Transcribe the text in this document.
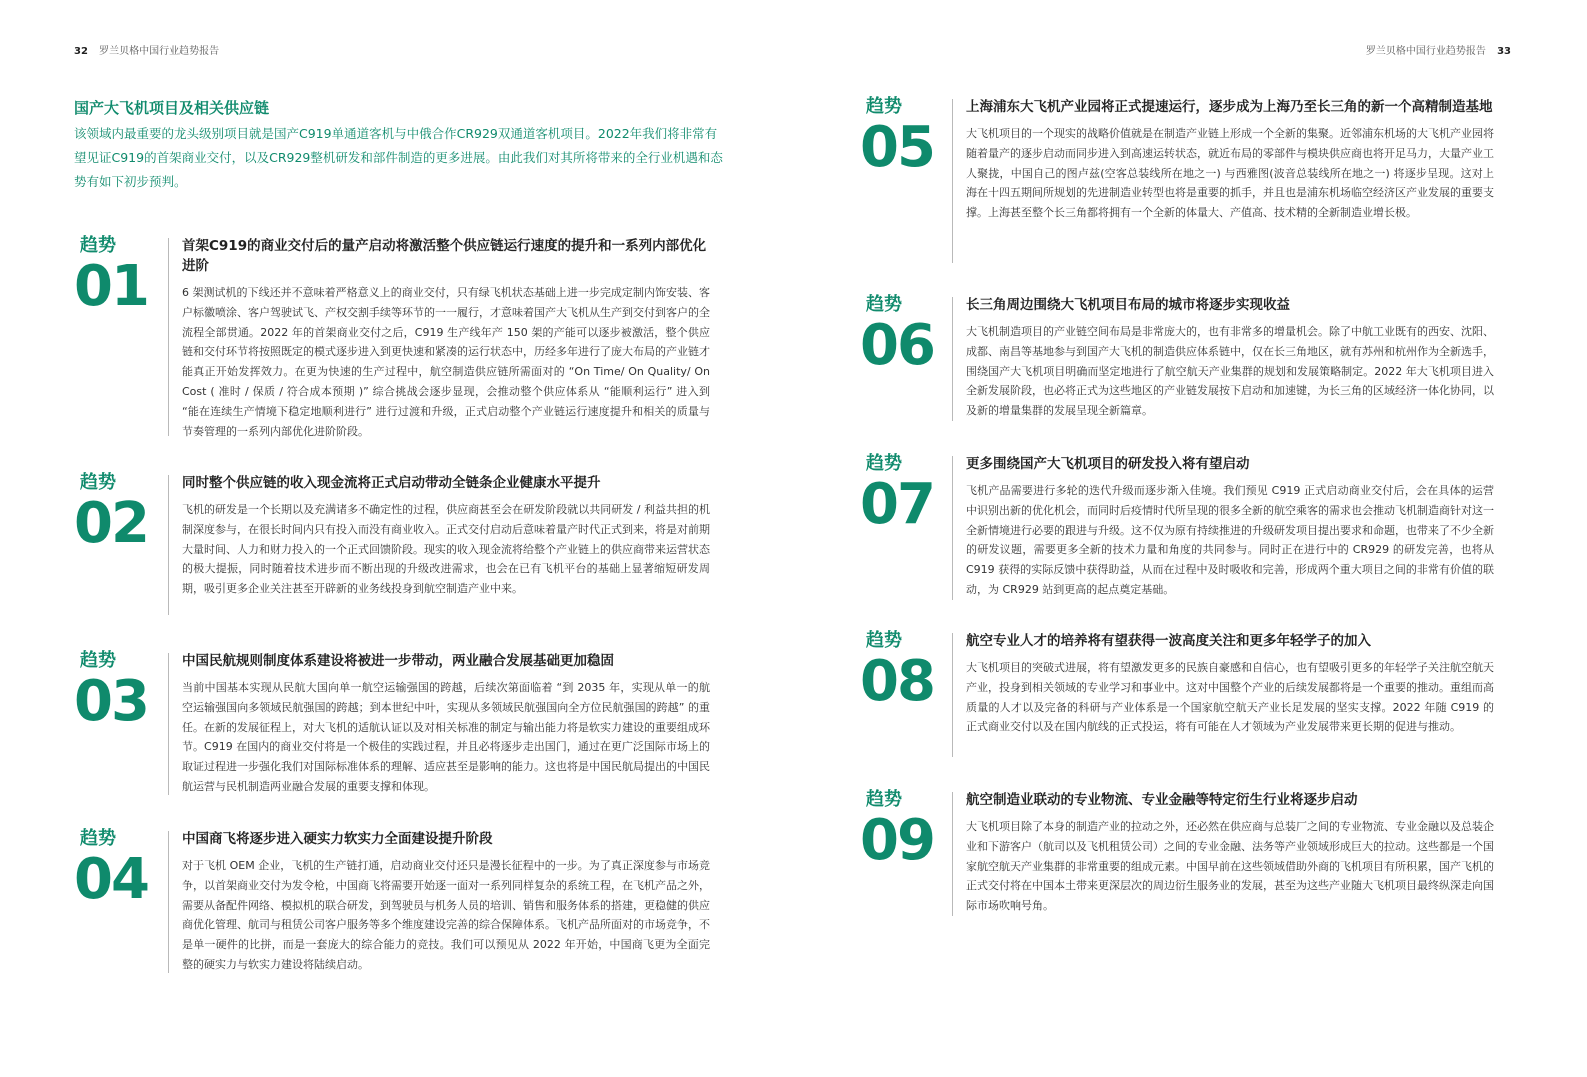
32 罗兰贝格中国行业趋势报告	罗兰贝格中国行业趋势报告 33
国产大飞机项目及相关供应链
该领域内最重要的龙头级别项目就是国产C919单通道客机与中俄合作CR929双通道客机项目。2022年我们将非常有望见证C919的首架商业交付，以及CR929整机研发和部件制造的更多进展。由此我们对其所将带来的全行业机遇和态势有如下初步预判。
趋势
01
首架C919的商业交付后的量产启动将激活整个供应链运行速度的提升和一系列内部优化进阶
6 架测试机的下线还并不意味着严格意义上的商业交付，只有绿飞机状态基础上进一步完成定制内饰安装、客户标徽喷涂、客户驾驶试飞、产权交割手续等环节的一一履行，才意味着国产大飞机从生产到交付到客户的全流程全部贯通。2022 年的首架商业交付之后，C919 生产线年产 150 架的产能可以逐步被激活，整个供应链和交付环节将按照既定的模式逐步进入到更快速和紧凑的运行状态中，历经多年进行了庞大布局的产业链才能真正开始发挥效力。在更为快速的生产过程中，航空制造供应链所需面对的 “On Time/ On Quality/ On Cost ( 准时 / 保质 / 符合成本预期 )” 综合挑战会逐步显现，会推动整个供应体系从 “能顺利运行” 进入到 “能在连续生产情境下稳定地顺利进行” 进行过渡和升级，正式启动整个产业链运行速度提升和相关的质量与节奏管理的一系列内部优化进阶阶段。
趋势
02
同时整个供应链的收入现金流将正式启动带动全链条企业健康水平提升
飞机的研发是一个长期以及充满诸多不确定性的过程，供应商甚至会在研发阶段就以共同研发 / 利益共担的机制深度参与，在很长时间内只有投入而没有商业收入。正式交付启动后意味着量产时代正式到来，将是对前期大量时间、人力和财力投入的一个正式回馈阶段。现实的收入现金流将给整个产业链上的供应商带来运营状态的极大提振，同时随着技术进步而不断出现的升级改进需求，也会在已有飞机平台的基础上显著缩短研发周期，吸引更多企业关注甚至开辟新的业务线投身到航空制造产业中来。
趋势
03
中国民航规则制度体系建设将被进一步带动，两业融合发展基础更加稳固
当前中国基本实现从民航大国向单一航空运输强国的跨越，后续次第面临着 “到 2035 年，实现从单一的航空运输强国向多领域民航强国的跨越；到本世纪中叶，实现从多领域民航强国向全方位民航强国的跨越” 的重任。在新的发展征程上，对大飞机的适航认证以及对相关标准的制定与输出能力将是软实力建设的重要组成环节。C919 在国内的商业交付将是一个极佳的实践过程，并且必将逐步走出国门，通过在更广泛国际市场上的取证过程进一步强化我们对国际标准体系的理解、适应甚至是影响的能力。这也将是中国民航局提出的中国民航运营与民机制造两业融合发展的重要支撑和体现。
趋势
04
中国商飞将逐步进入硬实力软实力全面建设提升阶段
对于飞机 OEM 企业，飞机的生产链打通，启动商业交付还只是漫长征程中的一步。为了真正深度参与市场竞争，以首架商业交付为发令枪，中国商飞将需要开始逐一面对一系列同样复杂的系统工程，在飞机产品之外，需要从备配件网络、模拟机的联合研发，到驾驶员与机务人员的培训、销售和服务体系的搭建，更稳健的供应商优化管理、航司与租赁公司客户服务等多个维度建设完善的综合保障体系。飞机产品所面对的市场竞争，不是单一硬件的比拼，而是一套庞大的综合能力的竞技。我们可以预见从 2022 年开始，中国商飞更为全面完整的硬实力与软实力建设将陆续启动。
趋势
05
上海浦东大飞机产业园将正式提速运行，逐步成为上海乃至长三角的新一个高精制造基地
大飞机项目的一个现实的战略价值就是在制造产业链上形成一个全新的集聚。近邻浦东机场的大飞机产业园将随着量产的逐步启动而同步进入到高速运转状态，就近布局的零部件与模块供应商也将开足马力，大量产业工人聚拢，中国自己的图卢兹(空客总装线所在地之一) 与西雅图(波音总装线所在地之一) 将逐步呈现。这对上海在十四五期间所规划的先进制造业转型也将是重要的抓手，并且也是浦东机场临空经济区产业发展的重要支撑。上海甚至整个长三角都将拥有一个全新的体量大、产值高、技术精的全新制造业增长极。
趋势
06
长三角周边围绕大飞机项目布局的城市将逐步实现收益
大飞机制造项目的产业链空间布局是非常庞大的，也有非常多的增量机会。除了中航工业既有的西安、沈阳、成都、南昌等基地参与到国产大飞机的制造供应体系链中，仅在长三角地区，就有苏州和杭州作为全新选手，围绕国产大飞机项目明确而坚定地进行了航空航天产业集群的规划和发展策略制定。2022 年大飞机项目进入全新发展阶段，也必将正式为这些地区的产业链发展按下启动和加速键，为长三角的区域经济一体化协同，以及新的增量集群的发展呈现全新篇章。
趋势
07
更多围绕国产大飞机项目的研发投入将有望启动
飞机产品需要进行多轮的迭代升级而逐步渐入佳境。我们预见 C919 正式启动商业交付后，会在具体的运营中识别出新的优化机会，而同时后疫情时代所呈现的很多全新的航空乘客的需求也会推动飞机制造商针对这一全新情境进行必要的跟进与升级。这不仅为原有持续推进的升级研发项目提出要求和命题，也带来了不少全新的研发议题，需要更多全新的技术力量和角度的共同参与。同时正在进行中的 CR929 的研发完善，也将从 C919 获得的实际反馈中获得助益，从而在过程中及时吸收和完善，形成两个重大项目之间的非常有价值的联动，为 CR929 站到更高的起点奠定基础。
趋势
08
航空专业人才的培养将有望获得一波高度关注和更多年轻学子的加入
大飞机项目的突破式进展，将有望激发更多的民族自豪感和自信心，也有望吸引更多的年轻学子关注航空航天产业，投身到相关领域的专业学习和事业中。这对中国整个产业的后续发展都将是一个重要的推动。重组而高质量的人才以及完备的科研与产业体系是一个国家航空航天产业长足发展的坚实支撑。2022 年随 C919 的正式商业交付以及在国内航线的正式投运，将有可能在人才领域为产业发展带来更长期的促进与推动。
趋势
09
航空制造业联动的专业物流、专业金融等特定衍生行业将逐步启动
大飞机项目除了本身的制造产业的拉动之外，还必然在供应商与总装厂之间的专业物流、专业金融以及总装企业和下游客户（航司以及飞机租赁公司）之间的专业金融、法务等产业领域形成巨大的拉动。这些都是一个国家航空航天产业集群的非常重要的组成元素。中国早前在这些领域借助外商的飞机项目有所积累，国产飞机的正式交付将在中国本土带来更深层次的周边衍生服务业的发展，甚至为这些产业随大飞机项目最终纵深走向国际市场吹响号角。
